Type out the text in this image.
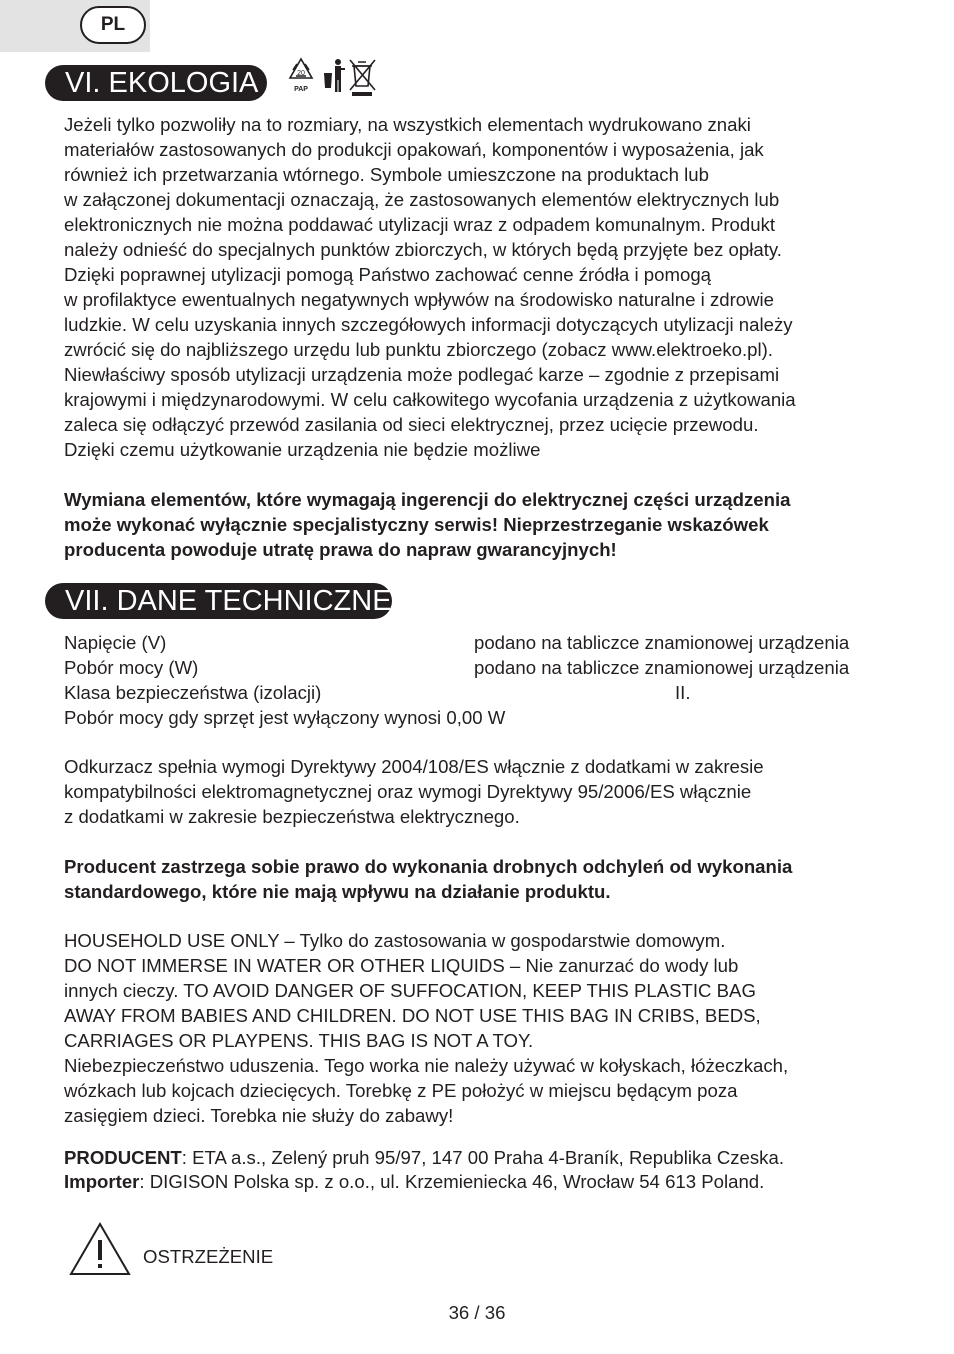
PL
VI. EKOLOGIA	20
PAP

Jeżeli tylko pozwoliły na to rozmiary, na wszystkich elementach wydrukowano znaki
materiałów zastosowanych do produkcji opakowań, komponentów i wyposażenia, jak
również ich przetwarzania wtórnego. Symbole umieszczone na produktach lub
w załączonej dokumentacji oznaczają, że zastosowanych elementów elektrycznych lub
elektronicznych nie można poddawać utylizacji wraz z odpadem komunalnym. Produkt
należy odnieść do specjalnych punktów zbiorczych, w których będą przyjęte bez opłaty.
Dzięki poprawnej utylizacji pomogą Państwo zachować cenne źródła i pomogą
w profilaktyce ewentualnych negatywnych wpływów na środowisko naturalne i zdrowie
ludzkie. W celu uzyskania innych szczegółowych informacji dotyczących utylizacji należy
zwrócić się do najbliższego urzędu lub punktu zbiorczego (zobacz www.elektroeko.pl).
Niewłaściwy sposób utylizacji urządzenia może podlegać karze – zgodnie z przepisami
krajowymi i międzynarodowymi. W celu całkowitego wycofania urządzenia z użytkowania
zaleca się odłączyć przewód zasilania od sieci elektrycznej, przez ucięcie przewodu.
Dzięki czemu użytkowanie urządzenia nie będzie możliwe

Wymiana elementów, które wymagają ingerencji do elektrycznej części urządzenia
może wykonać wyłącznie specjalistyczny serwis! Nieprzestrzeganie wskazówek
producenta powoduje utratę prawa do napraw gwarancyjnych!

VII. DANE TECHNICZNE
Napięcie (V)	podano na tabliczce znamionowej urządzenia
Pobór mocy (W)	podano na tabliczce znamionowej urządzenia
Klasa bezpieczeństwa (izolacji)	II.
Pobór mocy gdy sprzęt jest wyłączony wynosi 0,00 W

Odkurzacz spełnia wymogi Dyrektywy 2004/108/ES włącznie z dodatkami w zakresie
kompatybilności elektromagnetycznej oraz wymogi Dyrektywy 95/2006/ES włącznie
z dodatkami w zakresie bezpieczeństwa elektrycznego.

Producent zastrzega sobie prawo do wykonania drobnych odchyleń od wykonania
standardowego, które nie mają wpływu na działanie produktu.

HOUSEHOLD USE ONLY – Tylko do zastosowania w gospodarstwie domowym.
DO NOT IMMERSE IN WATER OR OTHER LIQUIDS – Nie zanurzać do wody lub
innych cieczy. TO AVOID DANGER OF SUFFOCATION, KEEP THIS PLASTIC BAG
AWAY FROM BABIES AND CHILDREN. DO NOT USE THIS BAG IN CRIBS, BEDS,
CARRIAGES OR PLAYPENS. THIS BAG IS NOT A TOY.
Niebezpieczeństwo uduszenia. Tego worka nie należy używać w kołyskach, łóżeczkach,
wózkach lub kojcach dziecięcych. Torebkę z PE położyć w miejscu będącym poza
zasięgiem dzieci. Torebka nie służy do zabawy!

PRODUCENT: ETA a.s., Zelený pruh 95/97, 147 00 Praha 4-Braník, Republika Czeska.
Importer: DIGISON Polska sp. z o.o., ul. Krzemieniecka 46, Wrocław 54 613 Poland.
OSTRZEŻENIE
36 / 36
